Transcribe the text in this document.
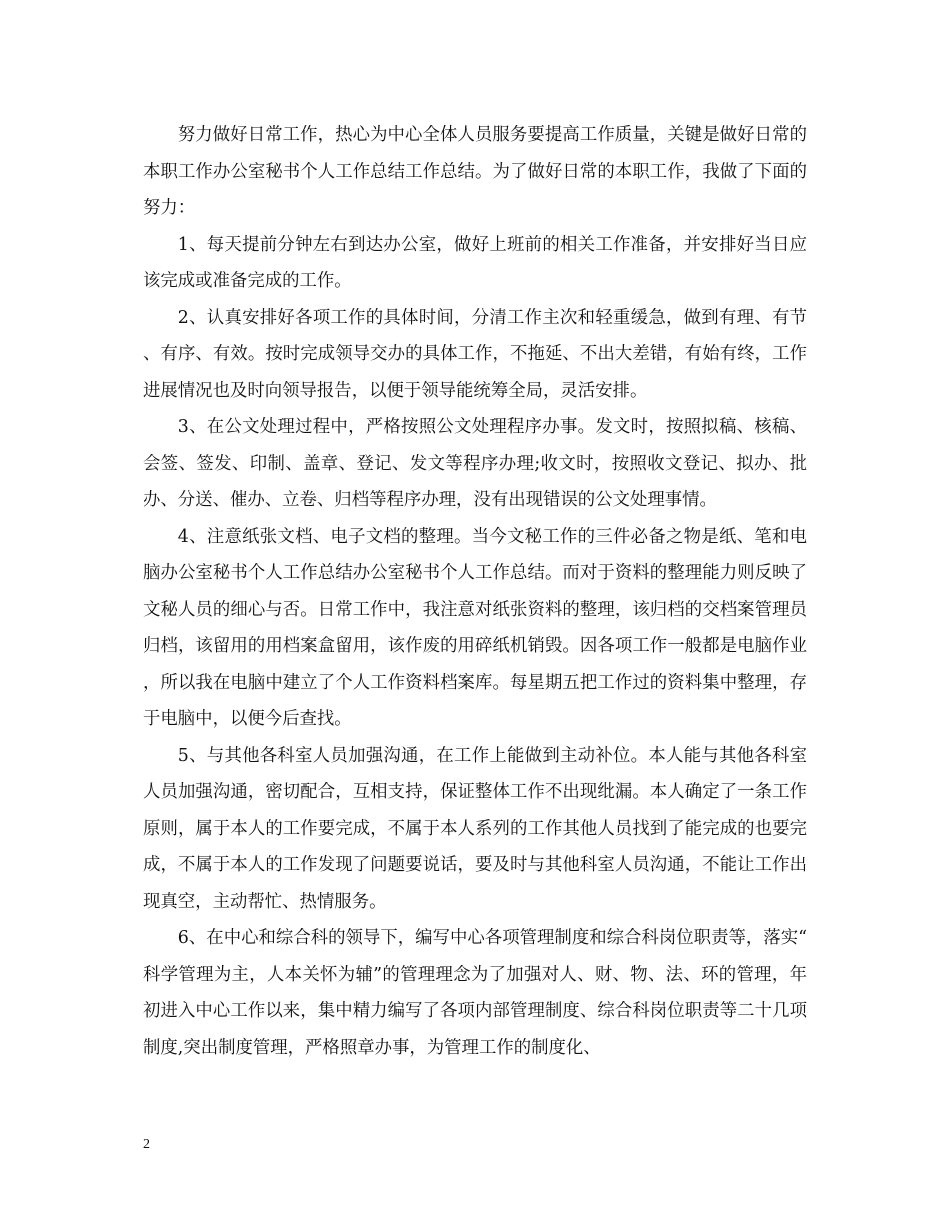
努力做好日常工作，热心为中心全体人员服务要提高工作质量，关键是做好日常的本职工作办公室秘书个人工作总结工作总结。为了做好日常的本职工作，我做了下面的努力：

1、每天提前分钟左右到达办公室，做好上班前的相关工作准备，并安排好当日应该完成或准备完成的工作。

2、认真安排好各项工作的具体时间，分清工作主次和轻重缓急，做到有理、有节、有序、有效。按时完成领导交办的具体工作，不拖延、不出大差错，有始有终，工作进展情况也及时向领导报告，以便于领导能统筹全局，灵活安排。

3、在公文处理过程中，严格按照公文处理程序办事。发文时，按照拟稿、核稿、会签、签发、印制、盖章、登记、发文等程序办理;收文时，按照收文登记、拟办、批办、分送、催办、立卷、归档等程序办理，没有出现错误的公文处理事情。

4、注意纸张文档、电子文档的整理。当今文秘工作的三件必备之物是纸、笔和电脑办公室秘书个人工作总结办公室秘书个人工作总结。而对于资料的整理能力则反映了文秘人员的细心与否。日常工作中，我注意对纸张资料的整理，该归档的交档案管理员归档，该留用的用档案盒留用，该作废的用碎纸机销毁。因各项工作一般都是电脑作业，所以我在电脑中建立了个人工作资料档案库。每星期五把工作过的资料集中整理，存于电脑中，以便今后查找。

5、与其他各科室人员加强沟通，在工作上能做到主动补位。本人能与其他各科室人员加强沟通，密切配合，互相支持，保证整体工作不出现纰漏。本人确定了一条工作原则，属于本人的工作要完成，不属于本人系列的工作其他人员找到了能完成的也要完成，不属于本人的工作发现了问题要说话，要及时与其他科室人员沟通，不能让工作出现真空，主动帮忙、热情服务。

6、在中心和综合科的领导下，编写中心各项管理制度和综合科岗位职责等，落实“科学管理为主，人本关怀为辅”的管理理念为了加强对人、财、物、法、环的管理，年初进入中心工作以来，集中精力编写了各项内部管理制度、综合科岗位职责等二十几项制度,突出制度管理，严格照章办事，为管理工作的制度化、

2
